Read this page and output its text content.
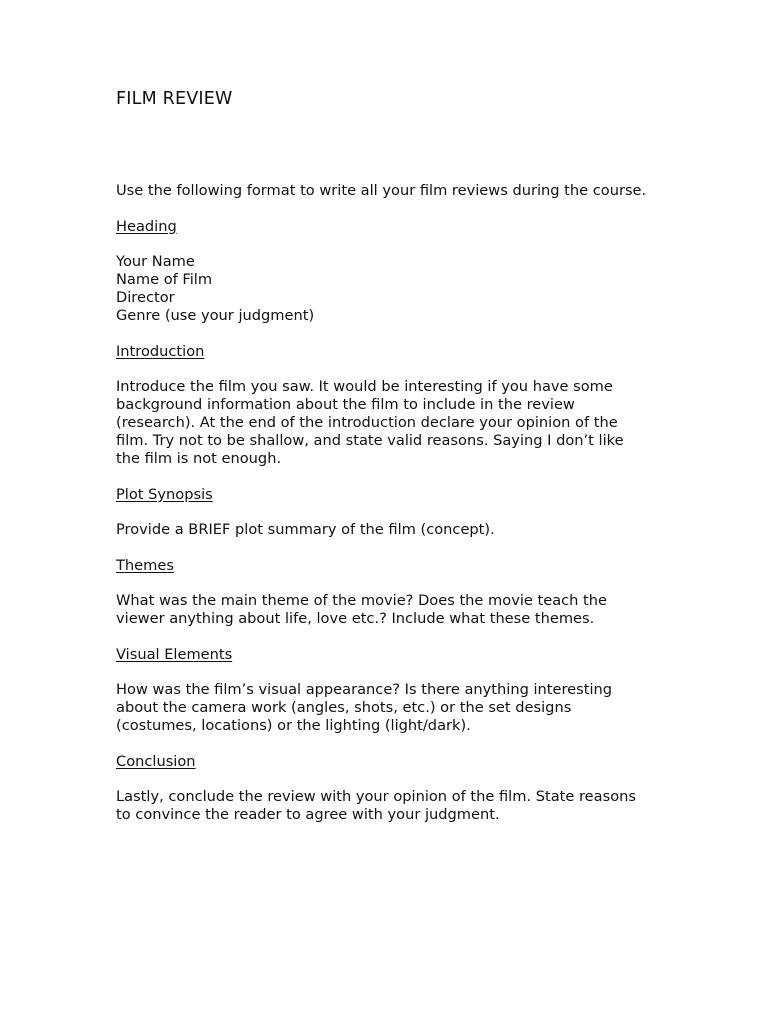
FILM REVIEW

Use the following format to write all your film reviews during the course.

Heading

Your Name
Name of Film
Director
Genre (use your judgment)

Introduction

Introduce the film you saw. It would be interesting if you have some
background information about the film to include in the review
(research). At the end of the introduction declare your opinion of the
film. Try not to be shallow, and state valid reasons. Saying I don’t like
the film is not enough.

Plot Synopsis

Provide a BRIEF plot summary of the film (concept).

Themes

What was the main theme of the movie? Does the movie teach the
viewer anything about life, love etc.? Include what these themes.

Visual Elements

How was the film’s visual appearance? Is there anything interesting
about the camera work (angles, shots, etc.) or the set designs
(costumes, locations) or the lighting (light/dark).

Conclusion

Lastly, conclude the review with your opinion of the film. State reasons
to convince the reader to agree with your judgment.
